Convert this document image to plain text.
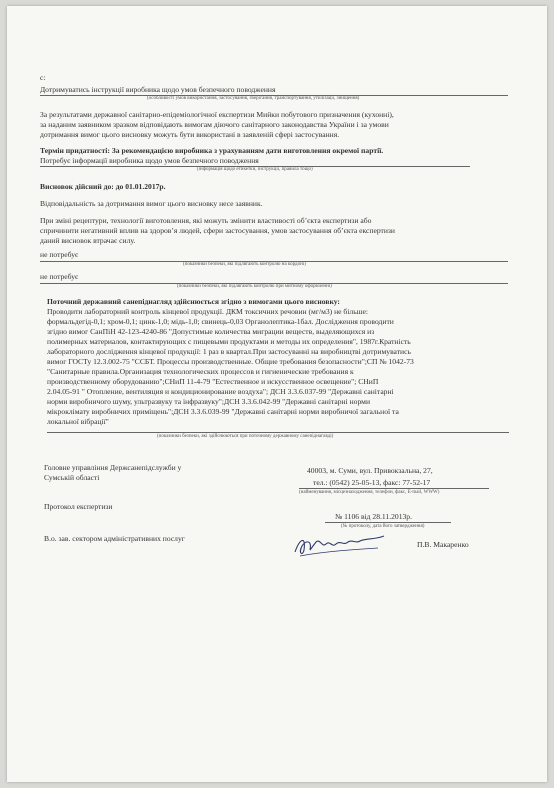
с:
Дотримуватись інструкції виробника щодо умов безпечного поводження
(особливості умов використання, застосування, зберігання, транспортування, утилізації, знищення)
За результатами державної санітарно-епідеміологічної експертизи Мийки побутового призначення (кухонні),
за наданим заявником зразком відповідають вимогам діючого санітарного законодавства України і за умови
дотримання вимог цього висновку можуть бути використані в заявленій сфері застосування.
Термін придатності: За рекомендацією виробника з урахуванням дати виготовлення окремої партії.
Потребує інформації виробника щодо умов безпечного поводження
(інформація щодо етикетки, інструкції, правила тощо)
Висновок дійсний до: до 01.01.2017р.
Відповідальність за дотримання вимог цього висновку несе заявник.
При зміні рецептури, технології виготовлення, які можуть змінити властивості об’єкта експертизи або
спричинити негативний вплив на здоров’я людей, сфери застосування, умов застосування об’єкта експертизи
даний висновок втрачає силу.
не потребує
(показники безпеки, які підлягають контролю на кордоні)
не потребує
(показники безпеки, які підлягають контролю при митному оформленні)
Поточний державний санепіднагляд здійснюється згідно з вимогами цього висновку:
Проводити лабораторний контроль кінцевої продукції. ДКМ токсичних речовин (мг/м3) не більше:
формальдегід-0,1; хром-0,1; цинк-1,0; мідь-1,0; свинець-0,03 Органолептика-1бал. Дослідження проводити
згідно вимог СанПіН 42-123-4240-86 "Допустимые количества миграции веществ, выделяющихся из
полимерных материалов, контактирующих с пищевыми продуктами и методы их определения", 1987г.Кратність
лабораторного дослідження кінцевої продукції: 1 раз в квартал.При застосуванні на виробництві дотримуватись
вимог ГОСТу 12.3.002-75 "ССБТ. Процессы производственные. Общие требования безопасности";СП № 1042-73
"Санитарные правила.Организация технологических процессов и гигиенические требования к
производственному оборудованию";СНиП 11-4-79 "Естественное и искусственное освещение"; СНиП
2.04.05-91 " Отопление, вентиляция и кондиционирование воздуха"; ДСН 3.3.6.037-99 "Державні санітарні
норми виробничого шуму, ультразвуку та інфразвуку";ДСН 3.3.6.042-99 "Державні санітарні норми
мікроклімату виробничих приміщень";ДСН 3.3.6.039-99 "Державні санітарні норми виробничої загальної та
локальної вібрації"
(показники безпеки, які здійснюються при поточному державному санепіднагляді)
Головне управління Держсанепідслужби у
Сумській області
40003, м. Суми, вул. Привокзальна, 27,
тел.: (0542) 25-05-13, факс: 77-52-17
(найменування, місцезнаходження, телефон, факс, E-mail, WWW)
Протокол експертизи
№ 1106 від 28.11.2013р.
(№ протоколу, дата його затвердження)
В.о. зав. сектором адміністративних послуг
П.В. Макаренко
